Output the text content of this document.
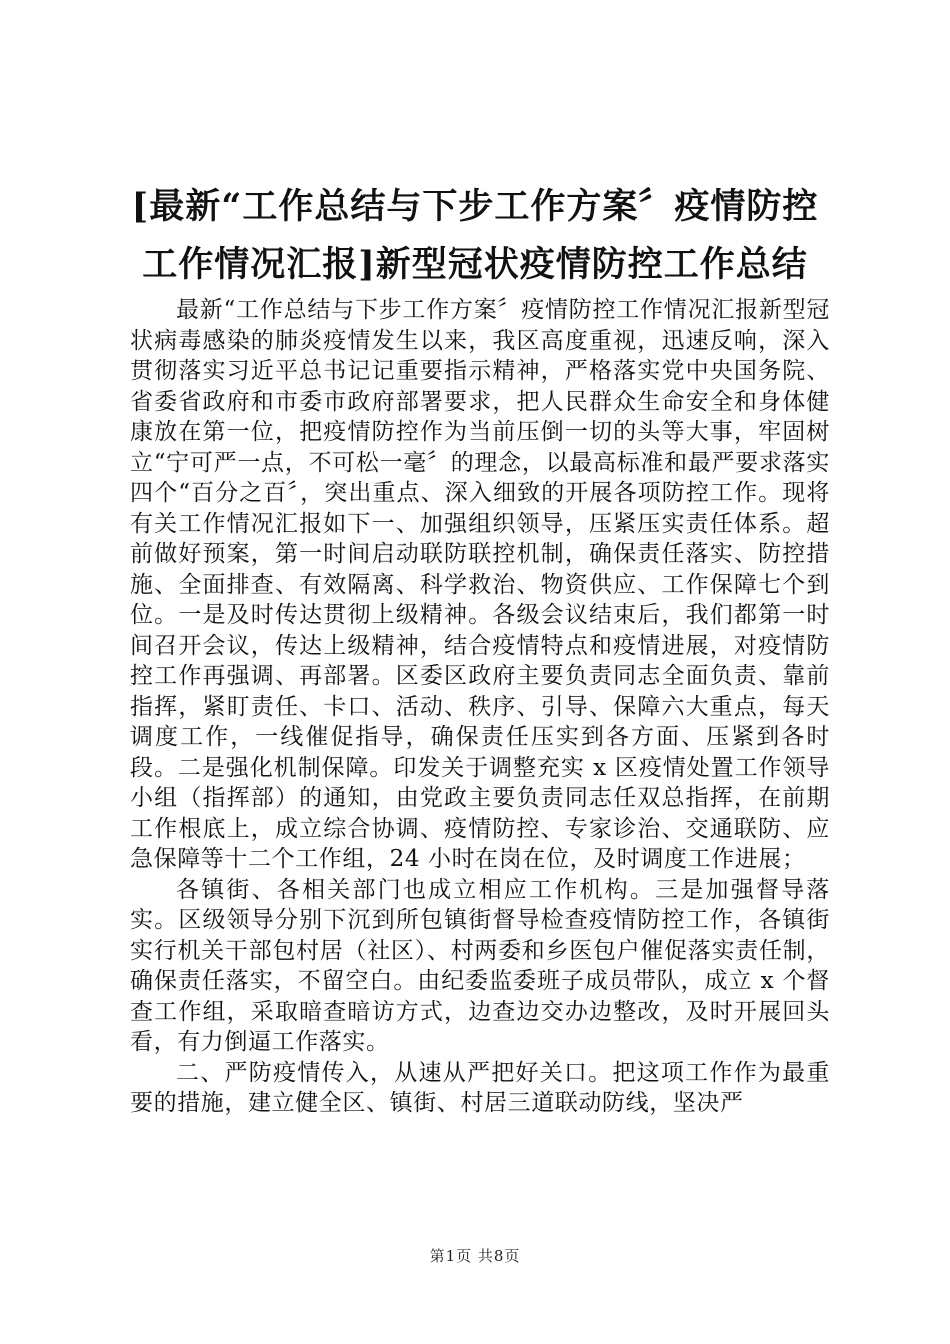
[最新“工作总结与下步工作方案〞疫情防控
工作情况汇报]新型冠状疫情防控工作总结

最新“工作总结与下步工作方案〞疫情防控工作情况汇报新型冠状病毒感染的肺炎疫情发生以来，我区高度重视，迅速反响，深入贯彻落实习近平总书记记重要指示精神，严格落实党中央国务院、省委省政府和市委市政府部署要求，把人民群众生命安全和身体健康放在第一位，把疫情防控作为当前压倒一切的头等大事，牢固树立“宁可严一点，不可松一毫〞的理念，以最高标准和最严要求落实四个“百分之百〞，突出重点、深入细致的开展各项防控工作。现将有关工作情况汇报如下一、加强组织领导，压紧压实责任体系。超前做好预案，第一时间启动联防联控机制，确保责任落实、防控措施、全面排查、有效隔离、科学救治、物资供应、工作保障七个到位。一是及时传达贯彻上级精神。各级会议结束后，我们都第一时间召开会议，传达上级精神，结合疫情特点和疫情进展，对疫情防控工作再强调、再部署。区委区政府主要负责同志全面负责、靠前指挥，紧盯责任、卡口、活动、秩序、引导、保障六大重点，每天调度工作，一线催促指导，确保责任压实到各方面、压紧到各时段。二是强化机制保障。印发关于调整充实 x 区疫情处置工作领导小组（指挥部）的通知，由党政主要负责同志任双总指挥，在前期工作根底上，成立综合协调、疫情防控、专家诊治、交通联防、应急保障等十二个工作组，24 小时在岗在位，及时调度工作进展；

各镇街、各相关部门也成立相应工作机构。三是加强督导落实。区级领导分别下沉到所包镇街督导检查疫情防控工作，各镇街实行机关干部包村居（社区）、村两委和乡医包户催促落实责任制，确保责任落实，不留空白。由纪委监委班子成员带队，成立 x 个督查工作组，采取暗查暗访方式，边查边交办边整改，及时开展回头看，有力倒逼工作落实。

二、严防疫情传入，从速从严把好关口。把这项工作作为最重要的措施，建立健全区、镇街、村居三道联动防线，坚决严

第1页 共8页
